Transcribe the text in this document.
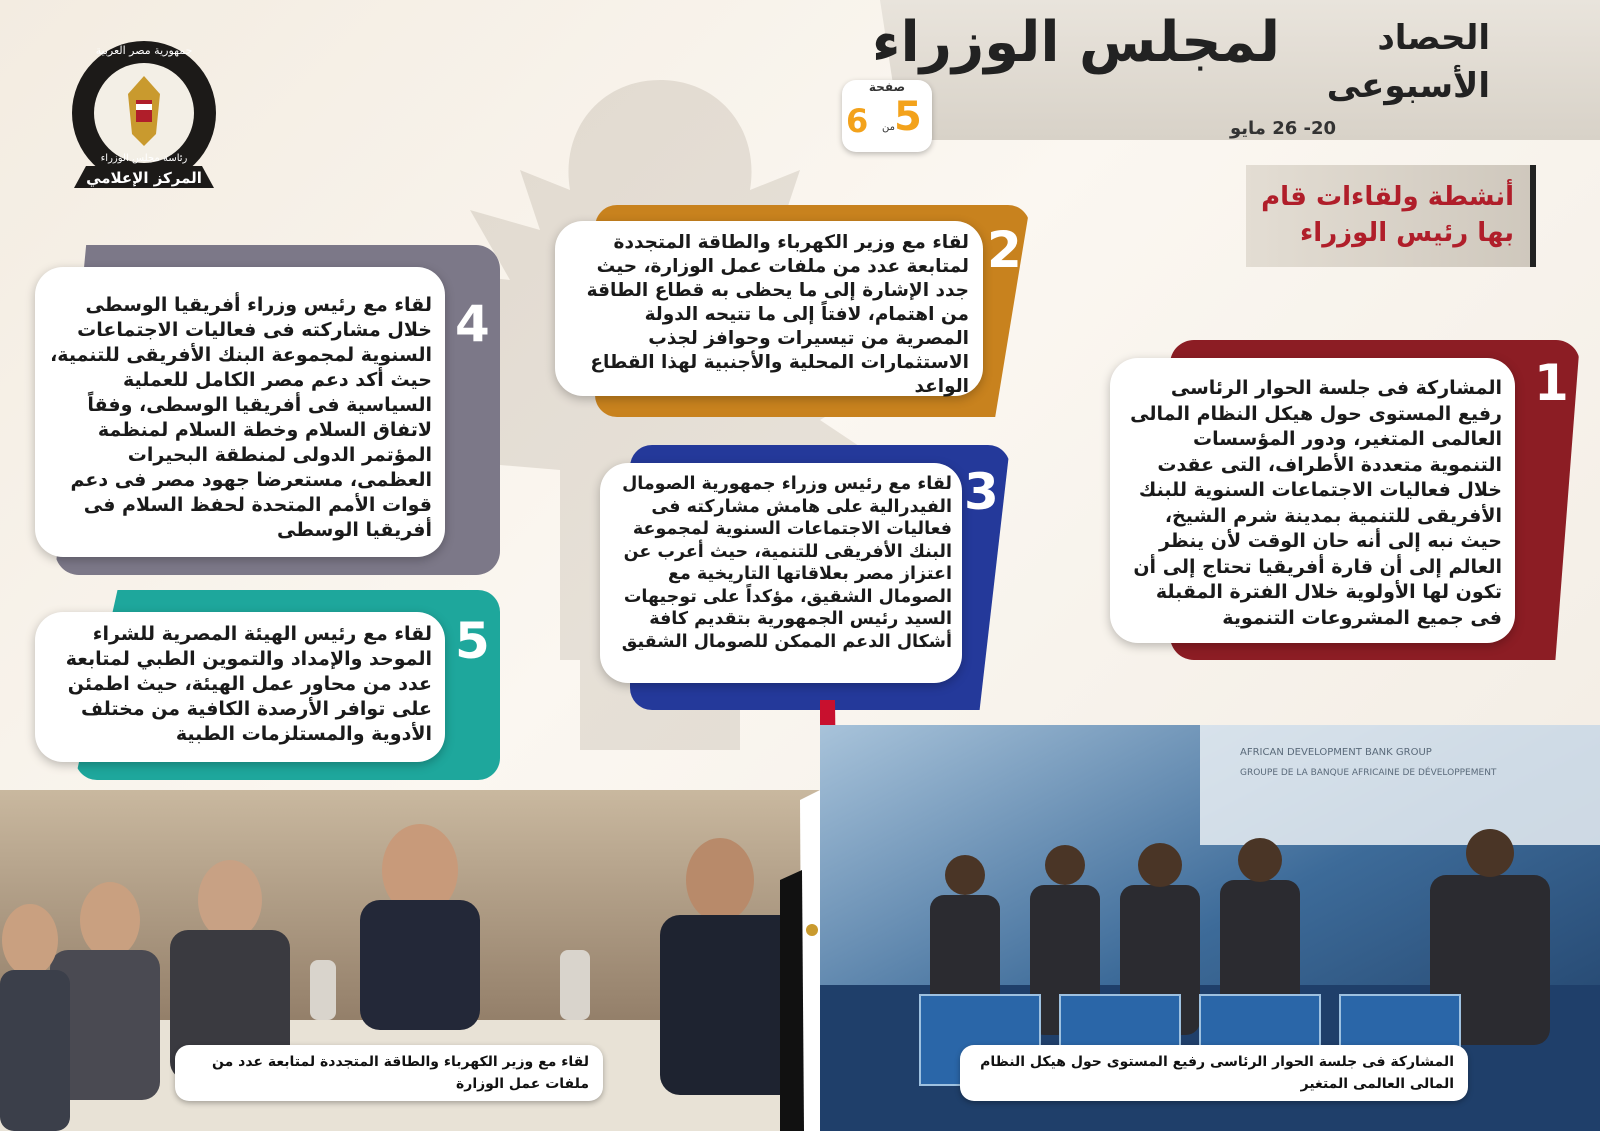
لمجلس الوزراء	الحصاد
الأسبوعى
20- 26 مايو
صفحة
5
من
6
المركز الإعلامي
جمهورية مصر العربية
رئاسة مجلس الوزراء
أنشطة ولقاءات قام
بها رئيس الوزراء
المشاركة فى جلسة الحوار الرئاسى رفيع المستوى حول هيكل النظام المالى العالمى المتغير، ودور المؤسسات التنموية متعددة الأطراف، التى عقدت خلال فعاليات الاجتماعات السنوية للبنك الأفريقى للتنمية بمدينة شرم الشيخ، حيث نبه إلى أنه حان الوقت لأن ينظر العالم إلى أن قارة أفريقيا تحتاج إلى أن تكون لها الأولوية خلال الفترة المقبلة فى جميع المشروعات التنموية
1
لقاء مع وزير الكهرباء والطاقة المتجددة لمتابعة عدد من ملفات عمل الوزارة، حيث جدد الإشارة إلى ما يحظى به قطاع الطاقة من اهتمام، لافتاً إلى ما تتيحه الدولة المصرية من تيسيرات وحوافز لجذب الاستثمارات المحلية والأجنبية لهذا القطاع الواعد
2
لقاء مع رئيس وزراء جمهورية الصومال الفيدرالية على هامش مشاركته فى فعاليات الاجتماعات السنوية لمجموعة البنك الأفريقى للتنمية، حيث أعرب عن اعتزاز مصر بعلاقاتها التاريخية مع الصومال الشقيق، مؤكداً على توجيهات السيد رئيس الجمهورية بتقديم كافة أشكال الدعم الممكن للصومال الشقيق
3
لقاء مع رئيس وزراء أفريقيا الوسطى خلال مشاركته فى فعاليات الاجتماعات السنوية لمجموعة البنك الأفريقى للتنمية، حيث أكد دعم مصر الكامل للعملية السياسية فى أفريقيا الوسطى، وفقاً لاتفاق السلام وخطة السلام لمنظمة المؤتمر الدولى لمنطقة البحيرات العظمى، مستعرضا جهود مصر فى دعم قوات الأمم المتحدة لحفظ السلام فى أفريقيا الوسطى
4
لقاء مع رئيس الهيئة المصرية للشراء الموحد والإمداد والتموين الطبي لمتابعة عدد من محاور عمل الهيئة، حيث اطمئن على توافر الأرصدة الكافية من مختلف الأدوية والمستلزمات الطبية
5
لقاء مع وزير الكهرباء والطاقة المتجددة لمتابعة عدد من ملفات عمل الوزارة
AFRICAN DEVELOPMENT BANK GROUP
GROUPE DE LA BANQUE AFRICAINE DE DÉVELOPPEMENT
المشاركة فى جلسة الحوار الرئاسى رفيع المستوى حول هيكل النظام المالى العالمى المتغير
